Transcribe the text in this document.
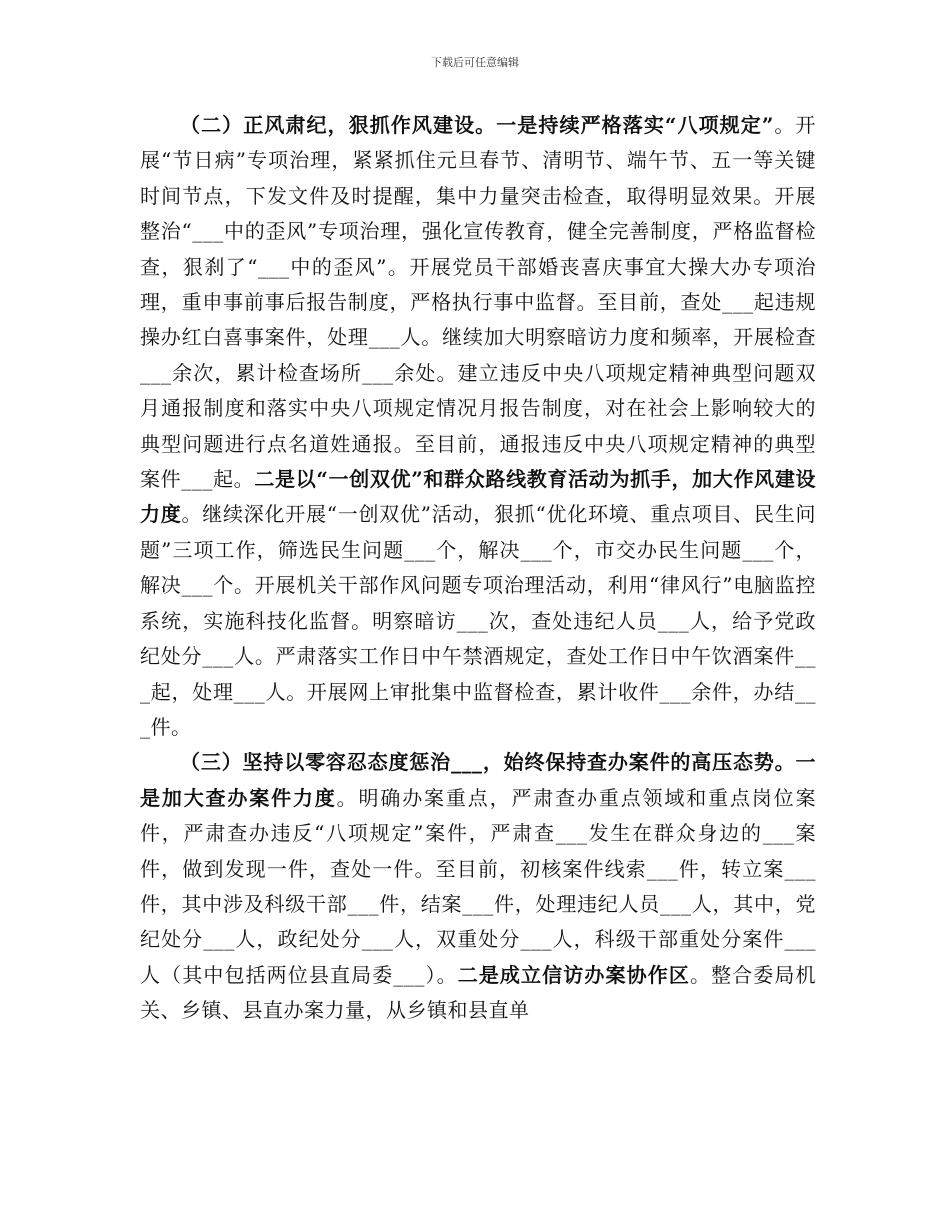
下载后可任意编辑

（二）正风肃纪，狠抓作风建设。一是持续严格落实“八项规定”。开展“节日病”专项治理，紧紧抓住元旦春节、清明节、端午节、五一等关键时间节点，下发文件及时提醒，集中力量突击检查，取得明显效果。开展整治“___中的歪风”专项治理，强化宣传教育，健全完善制度，严格监督检查，狠刹了“___中的歪风”。开展党员干部婚丧喜庆事宜大操大办专项治理，重申事前事后报告制度，严格执行事中监督。至目前，查处___起违规操办红白喜事案件，处理___人。继续加大明察暗访力度和频率，开展检查___余次，累计检查场所___余处。建立违反中央八项规定精神典型问题双月通报制度和落实中央八项规定情况月报告制度，对在社会上影响较大的典型问题进行点名道姓通报。至目前，通报违反中央八项规定精神的典型案件___起。二是以“一创双优”和群众路线教育活动为抓手，加大作风建设力度。继续深化开展“一创双优”活动，狠抓“优化环境、重点项目、民生问题”三项工作，筛选民生问题___个，解决___个，市交办民生问题___个，解决___个。开展机关干部作风问题专项治理活动，利用“律风行”电脑监控系统，实施科技化监督。明察暗访___次，查处违纪人员___人，给予党政纪处分___人。严肃落实工作日中午禁酒规定，查处工作日中午饮酒案件___起，处理___人。开展网上审批集中监督检查，累计收件___余件，办结___件。

（三）坚持以零容忍态度惩治___，始终保持查办案件的高压态势。一是加大查办案件力度。明确办案重点，严肃查办重点领域和重点岗位案件，严肃查办违反“八项规定”案件，严肃查___发生在群众身边的___案件，做到发现一件，查处一件。至目前，初核案件线索___件，转立案___件，其中涉及科级干部___件，结案___件，处理违纪人员___人，其中，党纪处分___人，政纪处分___人，双重处分___人，科级干部重处分案件___人（其中包括两位县直局委___）。二是成立信访办案协作区。整合委局机关、乡镇、县直办案力量，从乡镇和县直单
